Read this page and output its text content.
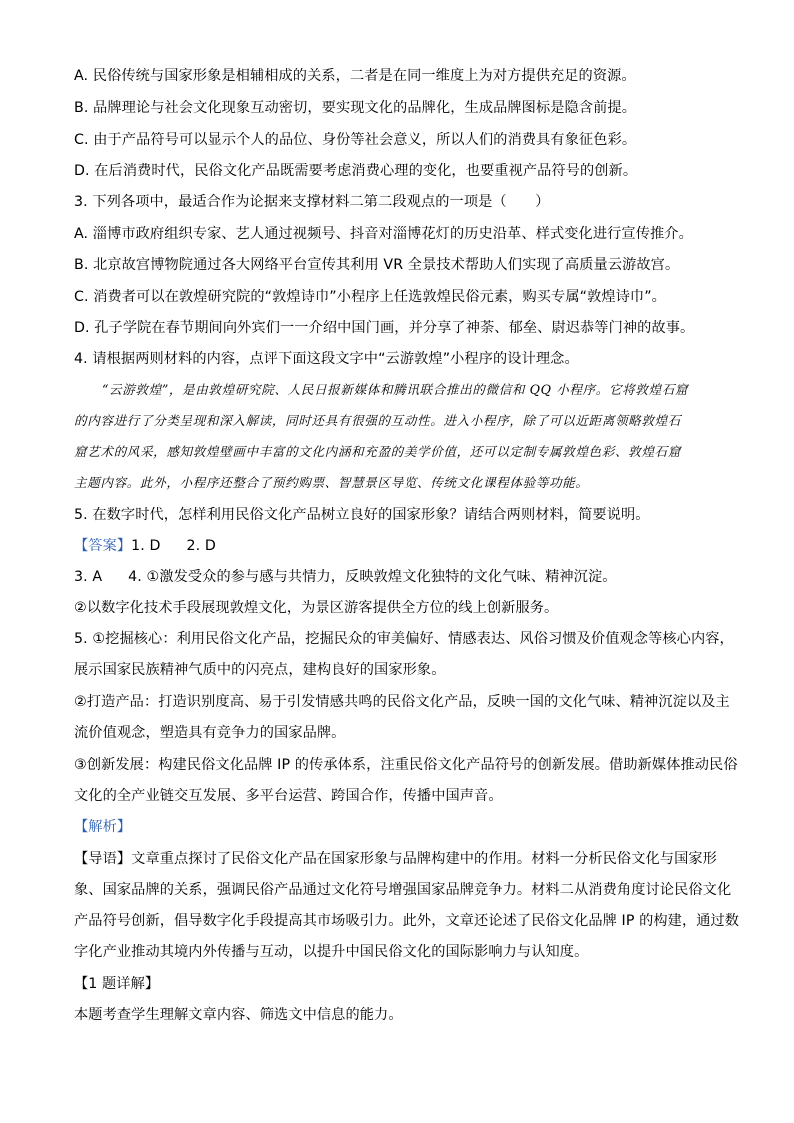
A. 民俗传统与国家形象是相辅相成的关系，二者是在同一维度上为对方提供充足的资源。
B. 品牌理论与社会文化现象互动密切，要实现文化的品牌化，生成品牌图标是隐含前提。
C. 由于产品符号可以显示个人的品位、身份等社会意义，所以人们的消费具有象征色彩。
D. 在后消费时代，民俗文化产品既需要考虑消费心理的变化，也要重视产品符号的创新。
3. 下列各项中，最适合作为论据来支撑材料二第二段观点的一项是（　　）
A. 淄博市政府组织专家、艺人通过视频号、抖音对淄博花灯的历史沿革、样式变化进行宣传推介。
B. 北京故宫博物院通过各大网络平台宣传其利用 VR 全景技术帮助人们实现了高质量云游故宫。
C. 消费者可以在敦煌研究院的“敦煌诗巾”小程序上任选敦煌民俗元素，购买专属“敦煌诗巾”。
D. 孔子学院在春节期间向外宾们一一介绍中国门画，并分享了神荼、郁垒、尉迟恭等门神的故事。
4. 请根据两则材料的内容，点评下面这段文字中“云游敦煌”小程序的设计理念。
“云游敦煌”，是由敦煌研究院、人民日报新媒体和腾讯联合推出的微信和 QQ 小程序。它将敦煌石窟
的内容进行了分类呈现和深入解读，同时还具有很强的互动性。进入小程序，除了可以近距离领略敦煌石
窟艺术的风采，感知敦煌壁画中丰富的文化内涵和充盈的美学价值，还可以定制专属敦煌色彩、敦煌石窟
主题内容。此外，小程序还整合了预约购票、智慧景区导览、传统文化课程体验等功能。
5. 在数字时代，怎样利用民俗文化产品树立良好的国家形象？请结合两则材料，简要说明。
【答案】1. D 2. D
3. A 4. ①激发受众的参与感与共情力，反映敦煌文化独特的文化气味、精神沉淀。
②以数字化技术手段展现敦煌文化，为景区游客提供全方位的线上创新服务。
5. ①挖掘核心：利用民俗文化产品，挖掘民众的审美偏好、情感表达、风俗习惯及价值观念等核心内容，
展示国家民族精神气质中的闪亮点，建构良好的国家形象。
②打造产品：打造识别度高、易于引发情感共鸣的民俗文化产品，反映一国的文化气味、精神沉淀以及主
流价值观念，塑造具有竞争力的国家品牌。
③创新发展：构建民俗文化品牌 IP 的传承体系，注重民俗文化产品符号的创新发展。借助新媒体推动民俗
文化的全产业链交互发展、多平台运营、跨国合作，传播中国声音。
【解析】
【导语】文章重点探讨了民俗文化产品在国家形象与品牌构建中的作用。材料一分析民俗文化与国家形
象、国家品牌的关系，强调民俗产品通过文化符号增强国家品牌竞争力。材料二从消费角度讨论民俗文化
产品符号创新，倡导数字化手段提高其市场吸引力。此外，文章还论述了民俗文化品牌 IP 的构建，通过数
字化产业推动其境内外传播与互动，以提升中国民俗文化的国际影响力与认知度。
【1 题详解】
本题考查学生理解文章内容、筛选文中信息的能力。
